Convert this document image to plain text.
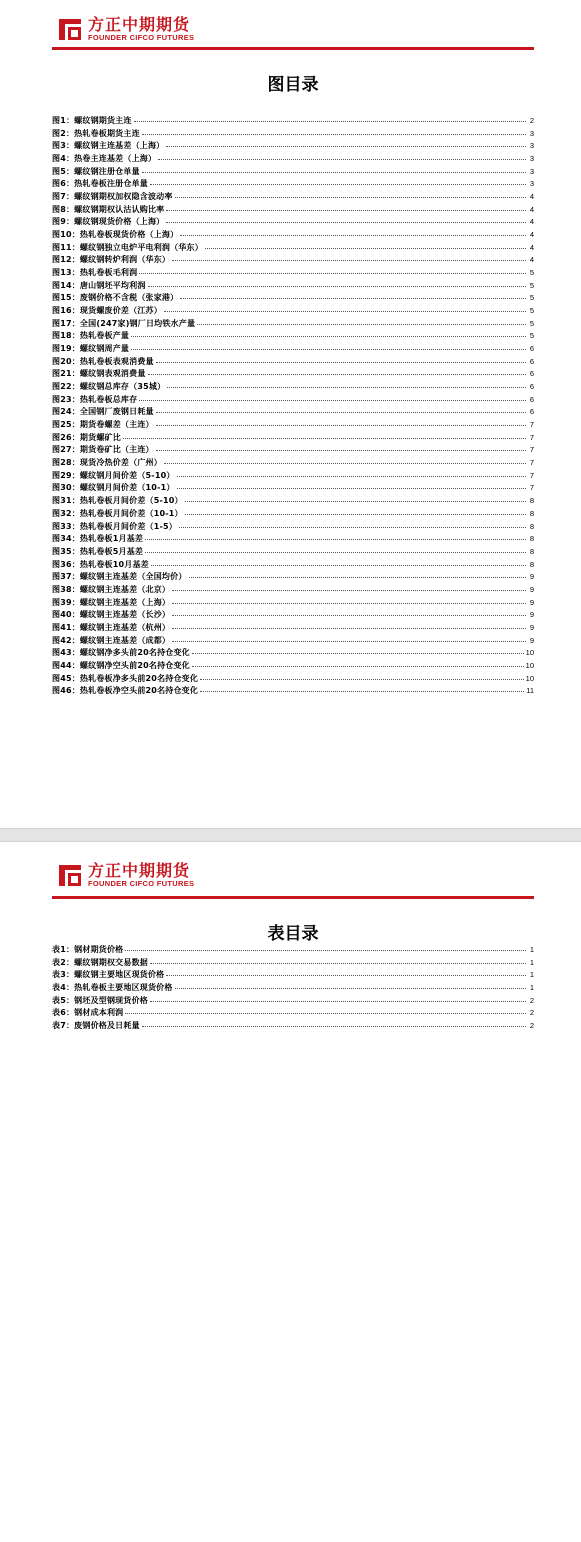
方正中期期货
FOUNDER CIFCO FUTURES
图目录
图1：螺纹钢期货主连	2
图2：热轧卷板期货主连	3
图3：螺纹钢主连基差（上海）	3
图4：热卷主连基差（上海）	3
图5：螺纹钢注册仓单量	3
图6：热轧卷板注册仓单量	3
图7：螺纹钢期权加权隐含波动率	4
图8：螺纹钢期权认沽认购比率	4
图9：螺纹钢现货价格（上海）	4
图10：热轧卷板现货价格（上海）	4
图11：螺纹钢独立电炉平电利润（华东）	4
图12：螺纹钢转炉利润（华东）	4
图13：热轧卷板毛利润	5
图14：唐山钢坯平均利润	5
图15：废钢价格不含税（张家港）	5
图16：现货螺废价差（江苏）	5
图17：全国(247家)钢厂日均铁水产量	5
图18：热轧卷板产量	5
图19：螺纹钢周产量	6
图20：热轧卷板表观消费量	6
图21：螺纹钢表观消费量	6
图22：螺纹钢总库存（35城）	6
图23：热轧卷板总库存	6
图24：全国钢厂废钢日耗量	6
图25：期货卷螺差（主连）	7
图26：期货螺矿比	7
图27：期货卷矿比（主连）	7
图28：现货冷热价差（广州）	7
图29：螺纹钢月间价差（5-10）	7
图30：螺纹钢月间价差（10-1）	7
图31：热轧卷板月间价差（5-10）	8
图32：热轧卷板月间价差（10-1）	8
图33：热轧卷板月间价差（1-5）	8
图34：热轧卷板1月基差	8
图35：热轧卷板5月基差	8
图36：热轧卷板10月基差	8
图37：螺纹钢主连基差（全国均价）	9
图38：螺纹钢主连基差（北京）	9
图39：螺纹钢主连基差（上海）	9
图40：螺纹钢主连基差（长沙）	9
图41：螺纹钢主连基差（杭州）	9
图42：螺纹钢主连基差（成都）	9
图43：螺纹钢净多头前20名持仓变化	10
图44：螺纹钢净空头前20名持仓变化	10
图45：热轧卷板净多头前20名持仓变化	10
图46：热轧卷板净空头前20名持仓变化	11
方正中期期货
FOUNDER CIFCO FUTURES
表目录
表1：钢材期货价格	1
表2：螺纹钢期权交易数据	1
表3：螺纹钢主要地区现货价格	1
表4：热轧卷板主要地区现货价格	1
表5：钢坯及型钢现货价格	2
表6：钢材成本利润	2
表7：废钢价格及日耗量	2
